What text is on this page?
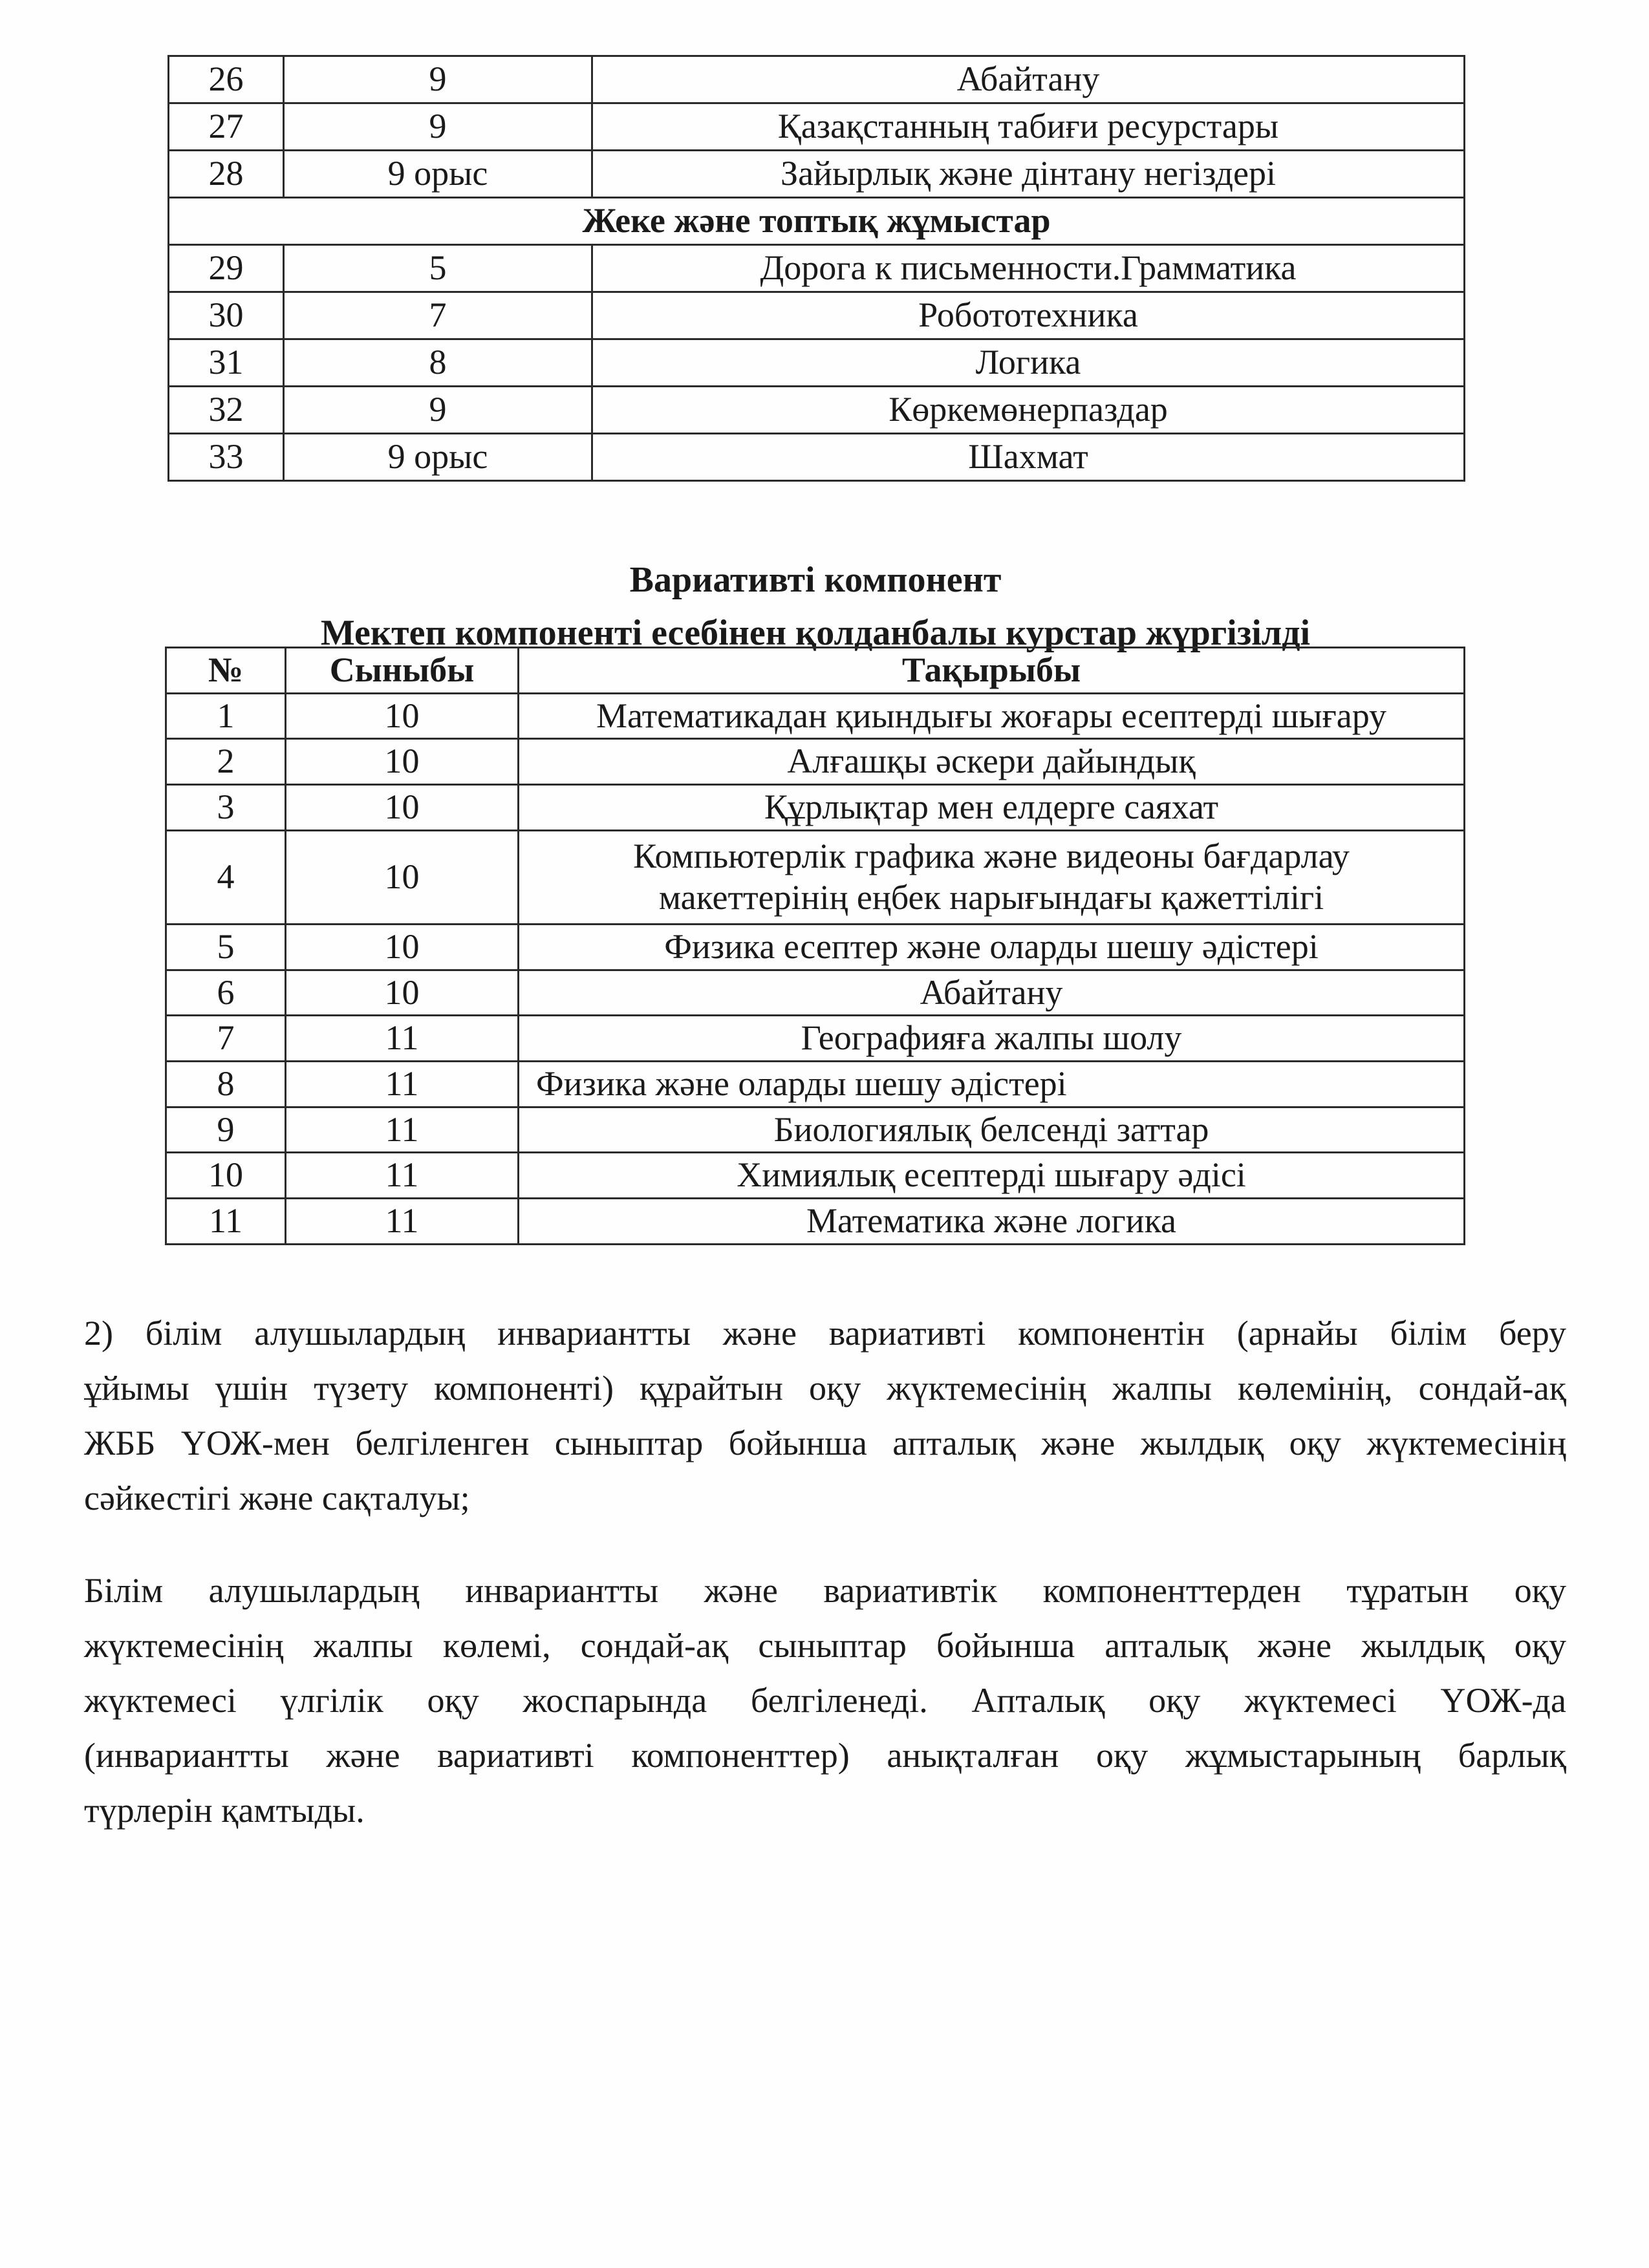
26	9	Абайтану
27	9	Қазақстанның табиғи ресурстары
28	9 орыс	Зайырлық және дінтану негіздері
Жеке және топтық жұмыстар		
29	5	Дорога к письменности.Грамматика
30	7	Робототехника
31	8	Логика
32	9	Көркемөнерпаздар
33	9 орыс	Шахмат
Вариативті компонент
Мектеп компоненті есебінен қолданбалы курстар жүргізілді
№	Сыныбы	Тақырыбы
1	10	Математикадан қиындығы жоғары есептерді шығару
2	10	Алғашқы әскери дайындық
3	10	Құрлықтар мен елдерге саяхат
4	10	Компьютерлік графика және видеоны бағдарлау
макеттерінің еңбек нарығындағы қажеттілігі

5	10	Физика есептер және оларды шешу әдістері
6	10	Абайтану
7	11	Географияға жалпы шолу
8	11	Физика және оларды шешу әдістері
9	11	Биологиялық белсенді заттар
10	11	Химиялық есептерді шығару әдісі
11	11	Математика және логика
2) білім алушылардың инвариантты және вариативті компонентін (арнайы білім беру
ұйымы үшін түзету компоненті) құрайтын оқу жүктемесінің жалпы көлемінің, сондай-ақ
ЖББ ҮОЖ-мен белгіленген сыныптар бойынша апталық және жылдық оқу жүктемесінің
сәйкестігі және сақталуы;
Білім алушылардың инвариантты және вариативтік компоненттерден тұратын оқу
жүктемесінің жалпы көлемі, сондай-ақ сыныптар бойынша апталық және жылдық оқу
жүктемесі үлгілік оқу жоспарында белгіленеді. Апталық оқу жүктемесі ҮОЖ-да
(инвариантты және вариативті компоненттер) анықталған оқу жұмыстарының барлық
түрлерін қамтыды.
